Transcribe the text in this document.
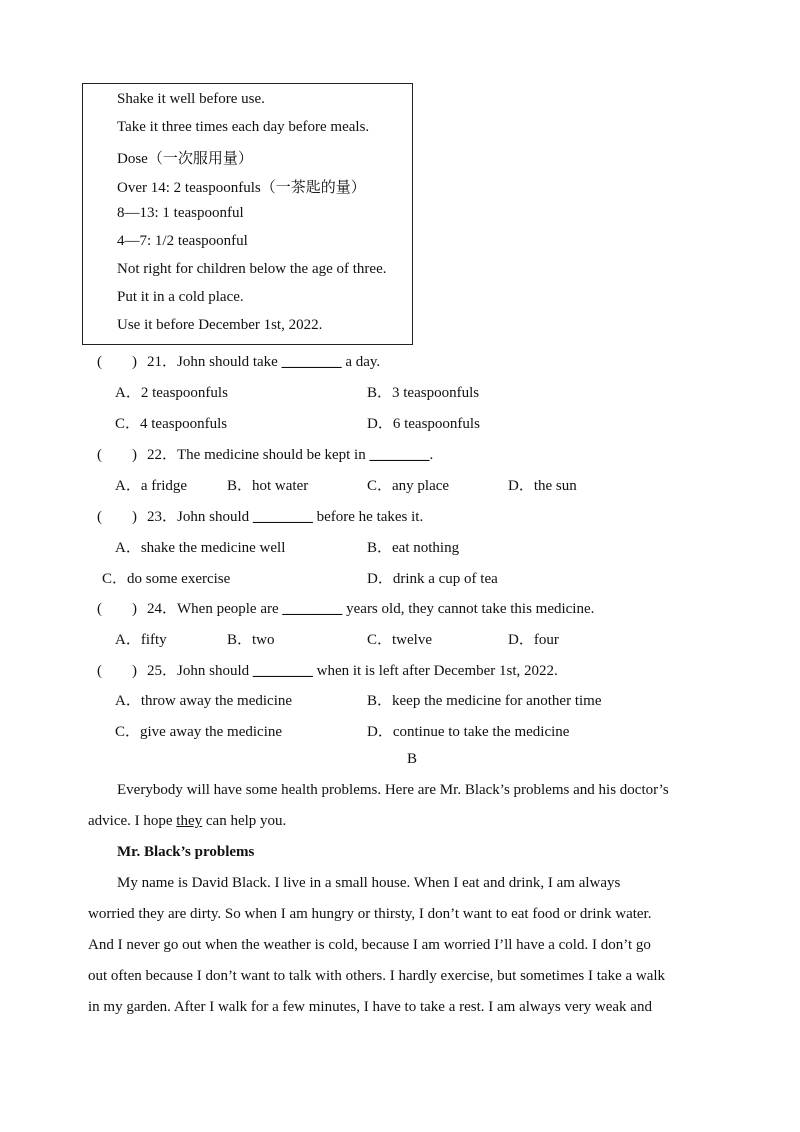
Shake it well before use.
Take it three times each day before meals.
Dose（一次服用量）
Over 14: 2 teaspoonfuls（一茶匙的量）
8—13: 1 teaspoonful
4—7: 1/2 teaspoonful
Not right for children below the age of three.
Put it in a cold place.
Use it before December 1st, 2022.
(  ) 21．John should take ________ a day.
A．2 teaspoonfuls	B．3 teaspoonfuls
C．4 teaspoonfuls	D．6 teaspoonfuls
(  ) 22．The medicine should be kept in ________.
A．a fridge	B．hot water	C．any place	D．the sun
(  ) 23．John should ________ before he takes it.
A．shake the medicine well	B．eat nothing
C．do some exercise	D．drink a cup of tea
(  ) 24．When people are ________ years old, they cannot take this medicine.
A．fifty	B．two	C．twelve	D．four
(  ) 25．John should ________ when it is left after December 1st, 2022.
A．throw away the medicine	B．keep the medicine for another time
C．give away the medicine	D．continue to take the medicine
B
Everybody will have some health problems. Here are Mr. Black’s problems and his doctor’s
advice. I hope they can help you.
Mr. Black’s problems
My name is David Black. I live in a small house. When I eat and drink, I am always
worried they are dirty. So when I am hungry or thirsty, I don’t want to eat food or drink water.
And I never go out when the weather is cold, because I am worried I’ll have a cold. I don’t go
out often because I don’t want to talk with others. I hardly exercise, but sometimes I take a walk
in my garden. After I walk for a few minutes, I have to take a rest. I am always very weak and
